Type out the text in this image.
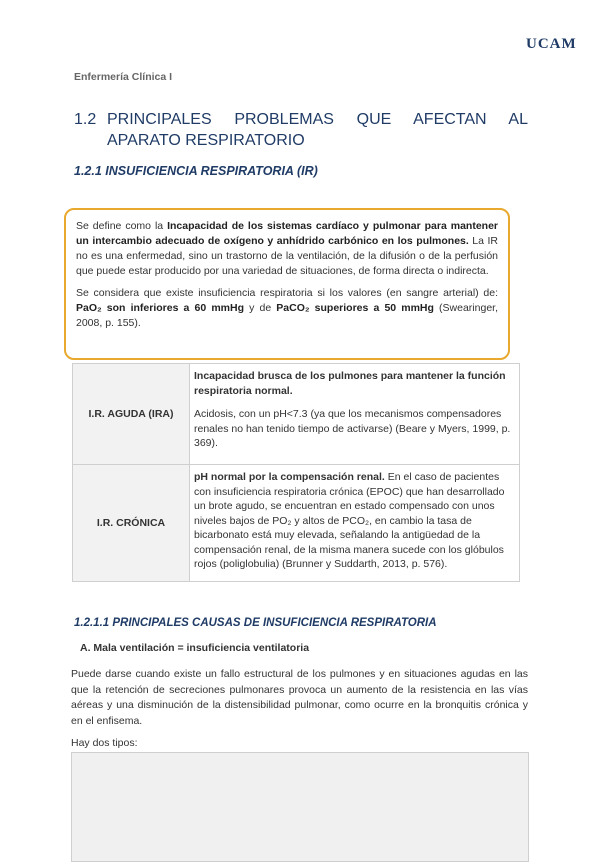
UCAM
Enfermería Clínica I
1.2 PRINCIPALES PROBLEMAS QUE AFECTAN AL
APARATO RESPIRATORIO
1.2.1 INSUFICIENCIA RESPIRATORIA (IR)

Se define como la Incapacidad de los sistemas cardíaco y pulmonar para mantener un intercambio adecuado de oxígeno y anhídrido carbónico en los pulmones. La IR no es una enfermedad, sino un trastorno de la ventilación, de la difusión o de la perfusión que puede estar producido por una variedad de situaciones, de forma directa o indirecta.

Se considera que existe insuficiencia respiratoria si los valores (en sangre arterial) de: PaO₂ son inferiores a 60 mmHg y de PaCO₂ superiores a 50 mmHg (Swearinger, 2008, p. 155).

I.R. AGUDA (IRA)	Incapacidad brusca de los pulmones para mantener la función respiratoria normal.

Acidosis, con un pH<7.3 (ya que los mecanismos compensadores renales no han tenido tiempo de activarse) (Beare y Myers, 1999, p. 369).

I.R. CRÓNICA	pH normal por la compensación renal. En el caso de pacientes con insuficiencia respiratoria crónica (EPOC) que han desarrollado un brote agudo, se encuentran en estado compensado con unos niveles bajos de PO₂ y altos de PCO₂, en cambio la tasa de bicarbonato está muy elevada, señalando la antigüedad de la compensación renal, de la misma manera sucede con los glóbulos rojos (poliglobulia) (Brunner y Suddarth, 2013, p. 576).

1.2.1.1 PRINCIPALES CAUSAS DE INSUFICIENCIA RESPIRATORIA
A. Mala ventilación = insuficiencia ventilatoria

Puede darse cuando existe un fallo estructural de los pulmones y en situaciones agudas en las que la retención de secreciones pulmonares provoca un aumento de la resistencia en las vías aéreas y una disminución de la distensibilidad pulmonar, como ocurre en la bronquitis crónica y en el enfisema.

Hay dos tipos:
